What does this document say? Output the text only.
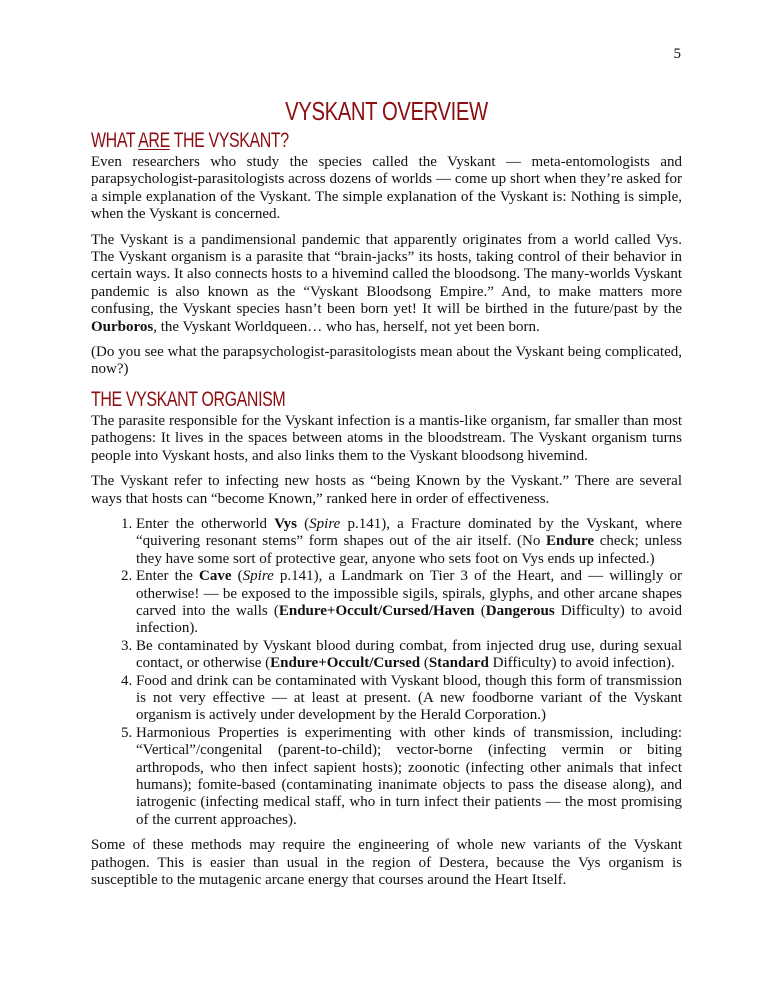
5
VYSKANT OVERVIEW
WHAT ARE THE VYSKANT?

Even researchers who study the species called the Vyskant — meta-entomologists and parapsychologist-parasitologists across dozens of worlds — come up short when they’re asked for a simple explanation of the Vyskant. The simple explanation of the Vyskant is: Nothing is simple, when the Vyskant is concerned.

The Vyskant is a pandimensional pandemic that apparently originates from a world called Vys. The Vyskant organism is a parasite that “brain-jacks” its hosts, taking control of their behavior in certain ways. It also connects hosts to a hivemind called the bloodsong. The many-worlds Vyskant pandemic is also known as the “Vyskant Bloodsong Empire.” And, to make matters more confusing, the Vyskant species hasn’t been born yet! It will be birthed in the future/past by the Ourboros, the Vyskant Worldqueen… who has, herself, not yet been born.

(Do you see what the parapsychologist-parasitologists mean about the Vyskant being complicated, now?)

THE VYSKANT ORGANISM

The parasite responsible for the Vyskant infection is a mantis-like organism, far smaller than most pathogens: It lives in the spaces between atoms in the bloodstream. The Vyskant organism turns people into Vyskant hosts, and also links them to the Vyskant bloodsong hivemind.

The Vyskant refer to infecting new hosts as “being Known by the Vyskant.” There are several ways that hosts can “become Known,” ranked here in order of effectiveness.

1. Enter the otherworld Vys (Spire p.141), a Fracture dominated by the Vyskant, where “quivering resonant stems” form shapes out of the air itself. (No Endure check; unless they have some sort of protective gear, anyone who sets foot on Vys ends up infected.)
2. Enter the Cave (Spire p.141), a Landmark on Tier 3 of the Heart, and — willingly or otherwise! — be exposed to the impossible sigils, spirals, glyphs, and other arcane shapes carved into the walls (Endure+Occult/Cursed/Haven (Dangerous Difficulty) to avoid infection).
3. Be contaminated by Vyskant blood during combat, from injected drug use, during sexual contact, or otherwise (Endure+Occult/Cursed (Standard Difficulty) to avoid infection).
4. Food and drink can be contaminated with Vyskant blood, though this form of transmission is not very effective — at least at present. (A new foodborne variant of the Vyskant organism is actively under development by the Herald Corporation.)
5. Harmonious Properties is experimenting with other kinds of transmission, including: “Vertical”/congenital (parent-to-child); vector-borne (infecting vermin or biting arthropods, who then infect sapient hosts); zoonotic (infecting other animals that infect humans); fomite-based (contaminating inanimate objects to pass the disease along), and iatrogenic (infecting medical staff, who in turn infect their patients — the most promising of the current approaches).

Some of these methods may require the engineering of whole new variants of the Vyskant pathogen. This is easier than usual in the region of Destera, because the Vys organism is susceptible to the mutagenic arcane energy that courses around the Heart Itself.
